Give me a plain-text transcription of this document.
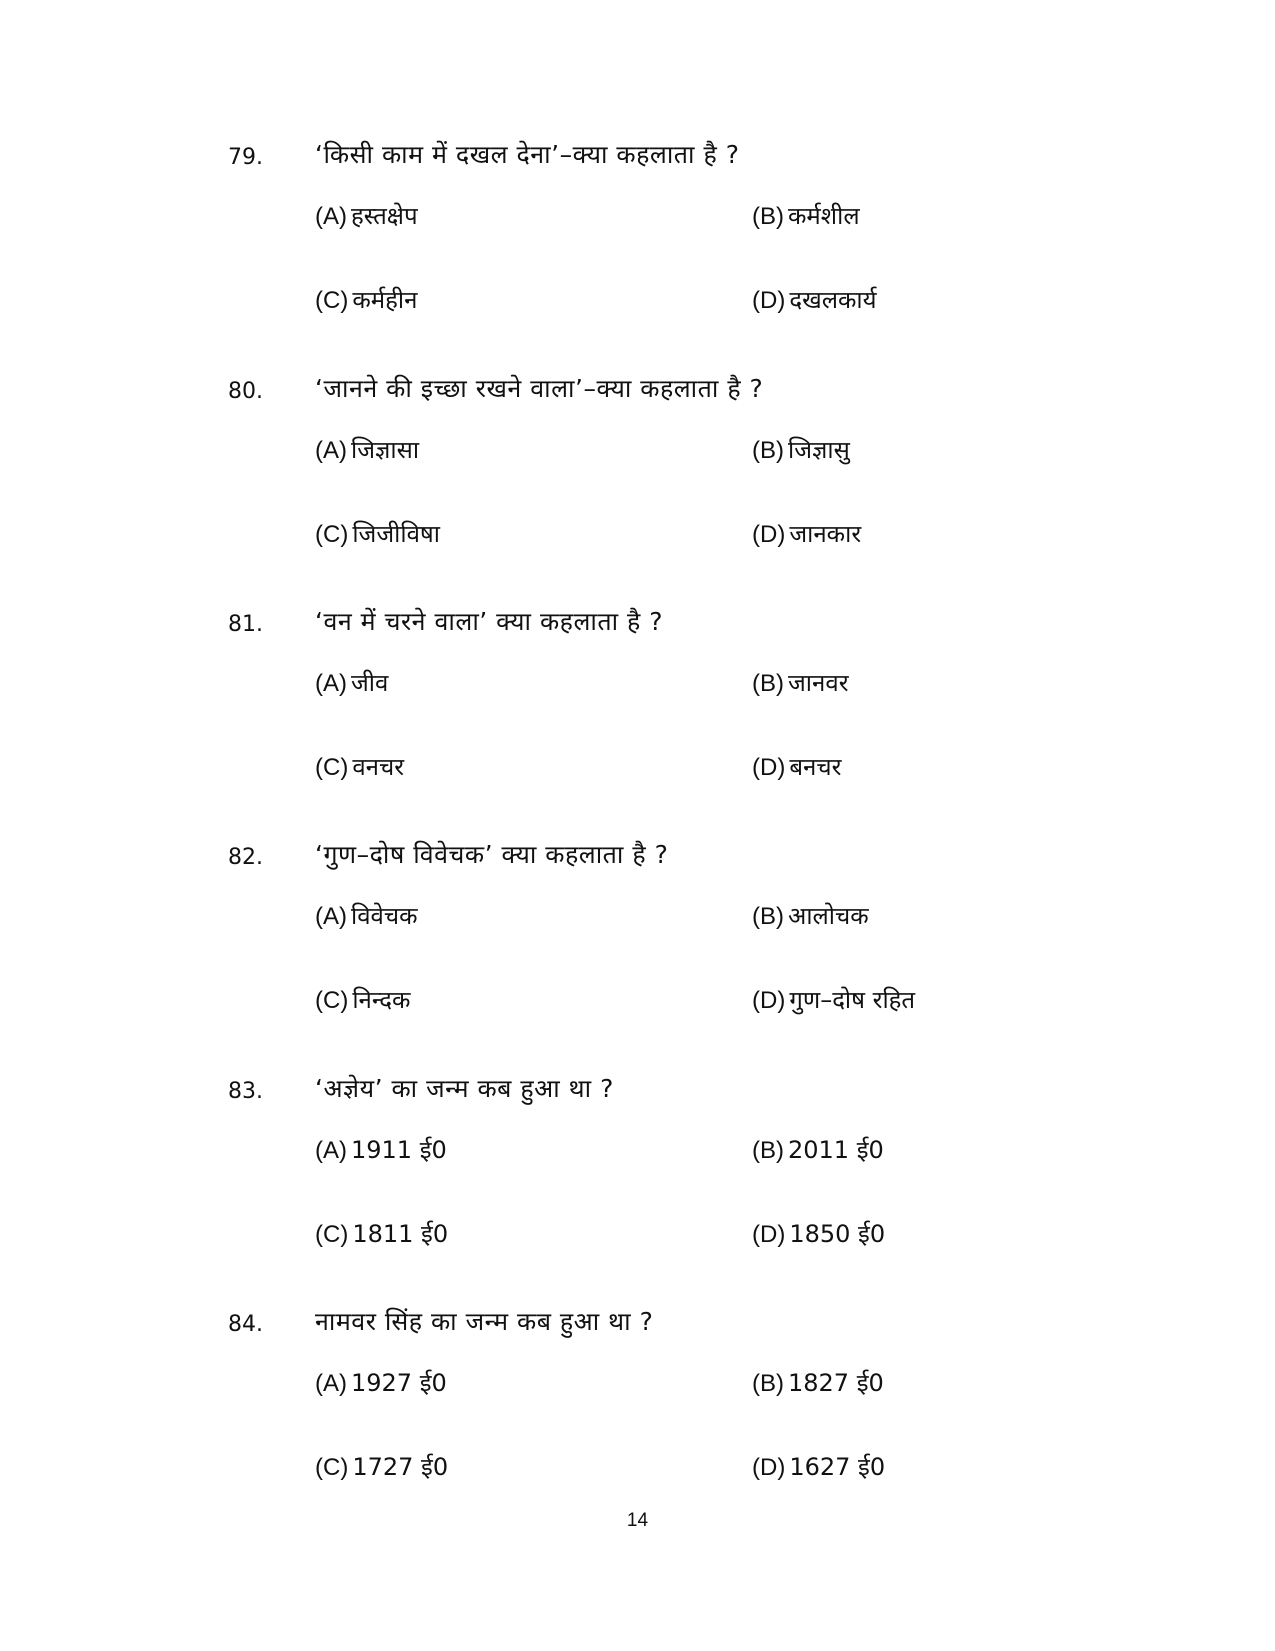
79. ‘किसी काम में दखल देना’–क्या कहलाता है ?
(A) हस्तक्षेप	(B) कर्मशील
(C) कर्महीन	(D) दखलकार्य
80. ‘जानने की इच्छा रखने वाला’–क्या कहलाता है ?
(A) जिज्ञासा	(B) जिज्ञासु
(C) जिजीविषा	(D) जानकार
81. ‘वन में चरने वाला’ क्या कहलाता है ?
(A) जीव	(B) जानवर
(C) वनचर	(D) बनचर
82. ‘गुण–दोष विवेचक’ क्या कहलाता है ?
(A) विवेचक	(B) आलोचक
(C) निन्दक	(D) गुण–दोष रहित
83. ‘अज्ञेय’ का जन्म कब हुआ था ?
(A) 1911 ई0	(B) 2011 ई0
(C) 1811 ई0	(D) 1850 ई0
84. नामवर सिंह का जन्म कब हुआ था ?
(A) 1927 ई0	(B) 1827 ई0
(C) 1727 ई0	(D) 1627 ई0
14
